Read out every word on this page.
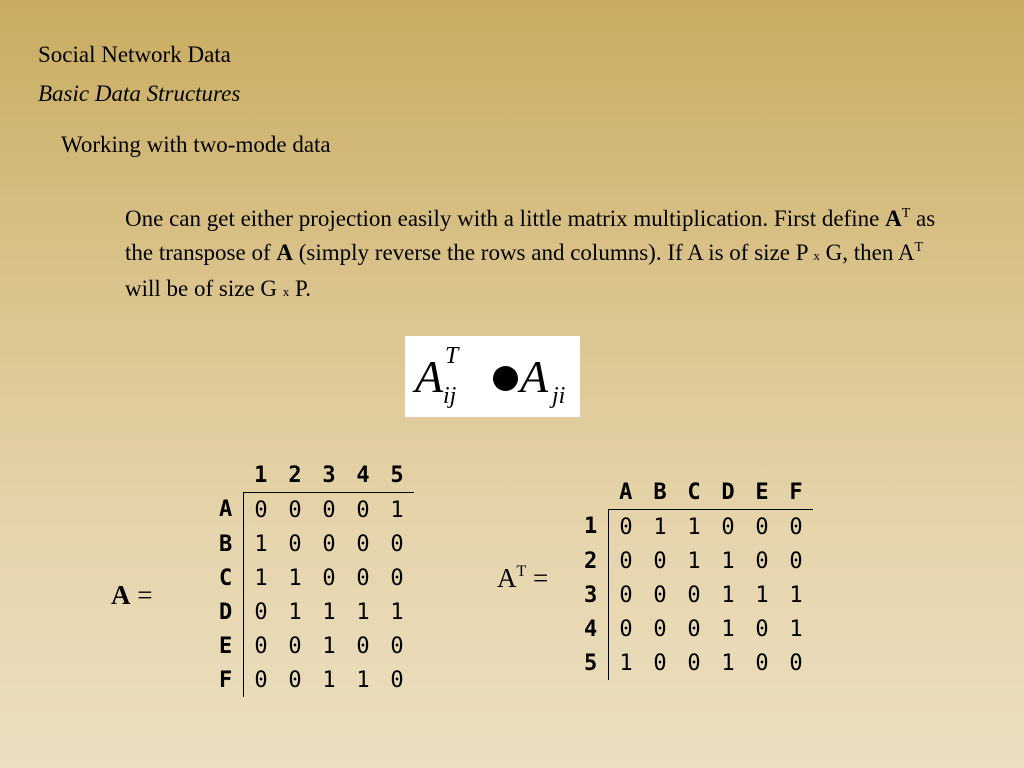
Social Network Data
Basic Data Structures
Working with two-mode data
One can get either projection easily with a little matrix multiplication. First define $A^T$ as the transpose of A (simply reverse the rows and columns). If A is of size P x G, then $A^T$ will be of size G x P.
A T
ij A ji
A =
	1	2	3	4	5
A	0	0	0	0	1
B	1	0	0	0	0
C	1	1	0	0	0
D	0	1	1	1	1
E	0	0	1	0	0
F	0	0	1	1	0
$A^T$ =
	A	B	C	D	E	F
1	0	1	1	0	0	0
2	0	0	1	1	0	0
3	0	0	0	1	1	1
4	0	0	0	1	0	1
5	1	0	0	1	0	0
